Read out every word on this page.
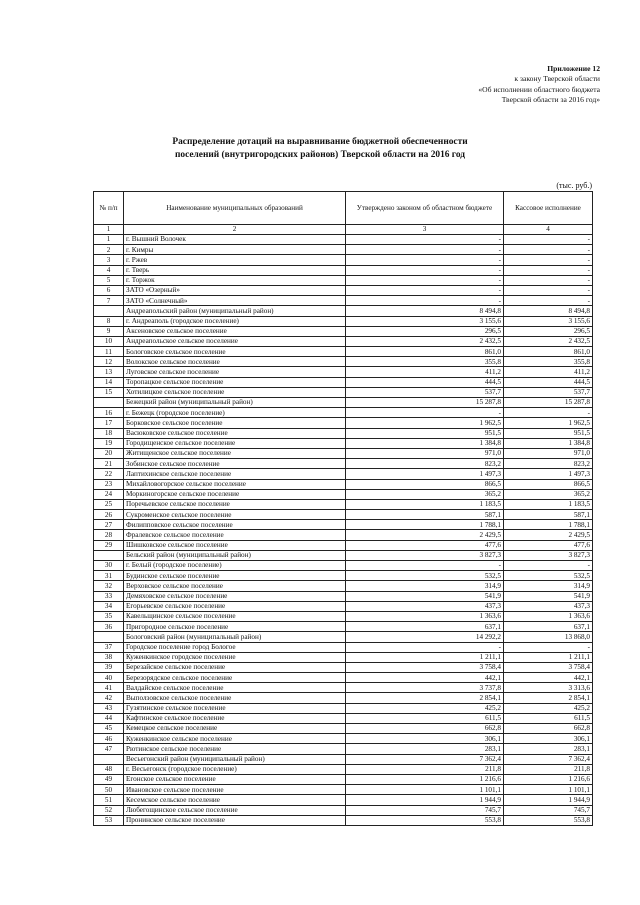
Приложение 12
к закону Тверской области
«Об исполнении областного бюджета
Тверской области за 2016 год»
Распределение дотаций на выравнивание бюджетной обеспеченности
поселений (внутригородских районов) Тверской области на 2016 год
(тыс. руб.)
№ п/п	Наименование муниципальных образований	Утверждено законом об областном бюджете	Кассовое исполнение
1	2	3	4
1	г. Вышний Волочек	-	-
2	г. Кимры	-	-
3	г. Ржев	-	-
4	г. Тверь	-	-
5	г. Торжок	-	-
6	ЗАТО «Озерный»	-	-
7	ЗАТО «Солнечный»	-	-
	Андреапольский район (муниципальный район)	8 494,8	8 494,8
8	г. Андреаполь (городское поселение)	3 155,6	3 155,6
9	Аксеновское сельское поселение	296,5	296,5
10	Андреапольское сельское поселение	2 432,5	2 432,5
11	Бологовское сельское поселение	861,0	861,0
12	Волокское сельское поселение	355,8	355,8
13	Луговское сельское поселение	411,2	411,2
14	Торопацкое сельское поселение	444,5	444,5
15	Хотилицкое сельское поселение	537,7	537,7
	Бежецкий район (муниципальный район)	15 287,8	15 287,8
16	г. Бежецк (городское поселение)	-	-
17	Борковское сельское поселение	1 962,5	1 962,5
18	Васюковское сельское поселение	951,5	951,5
19	Городищенское сельское поселение	1 384,8	1 384,8
20	Житищенское сельское поселение	971,0	971,0
21	Зобинское сельское поселение	823,2	823,2
22	Лаптихинское сельское поселение	1 497,3	1 497,3
23	Михайловогорское сельское поселение	866,5	866,5
24	Моркиногорское сельское поселение	365,2	365,2
25	Поречьевское сельское поселение	1 183,5	1 183,5
26	Сукроменское сельское поселение	587,1	587,1
27	Филипповское сельское поселение	1 788,1	1 788,1
28	Фралевское сельское поселение	2 429,5	2 429,5
29	Шишковское сельское поселение	477,6	477,6
	Бельский район (муниципальный район)	3 827,3	3 827,3
30	г. Белый (городское поселение)	-	-
31	Будинское сельское поселение	532,5	532,5
32	Верховское сельское поселение	314,9	314,9
33	Демяховское сельское поселение	541,9	541,9
34	Егорьевское сельское поселение	437,3	437,3
35	Кавельщинское сельское поселение	1 363,6	1 363,6
36	Пригородное сельское поселение	637,1	637,1
	Бологовский район (муниципальный район)	14 292,2	13 868,0
37	Городское поселение город Бологое	-	-
38	Куженкинское городское поселение	1 211,1	1 211,1
39	Березайское сельское поселение	3 758,4	3 758,4
40	Березорядское сельское поселение	442,1	442,1
41	Валдайское сельское поселение	3 737,8	3 313,6
42	Выползовское сельское поселение	2 854,1	2 854,1
43	Гузятинское сельское поселение	425,2	425,2
44	Кафтинское сельское поселение	611,5	611,5
45	Кемецкое сельское поселение	662,8	662,8
46	Куженкинское сельское поселение	306,1	306,1
47	Рютинское сельское поселение	283,1	283,1
	Весьегонский район (муниципальный район)	7 362,4	7 362,4
48	г. Весьегонск (городское поселение)	211,8	211,8
49	Егонское сельское поселение	1 216,6	1 216,6
50	Ивановское сельское поселение	1 101,1	1 101,1
51	Кесемское сельское поселение	1 944,9	1 944,9
52	Любегощинское сельское поселение	745,7	745,7
53	Пронинское сельское поселение	553,8	553,8
